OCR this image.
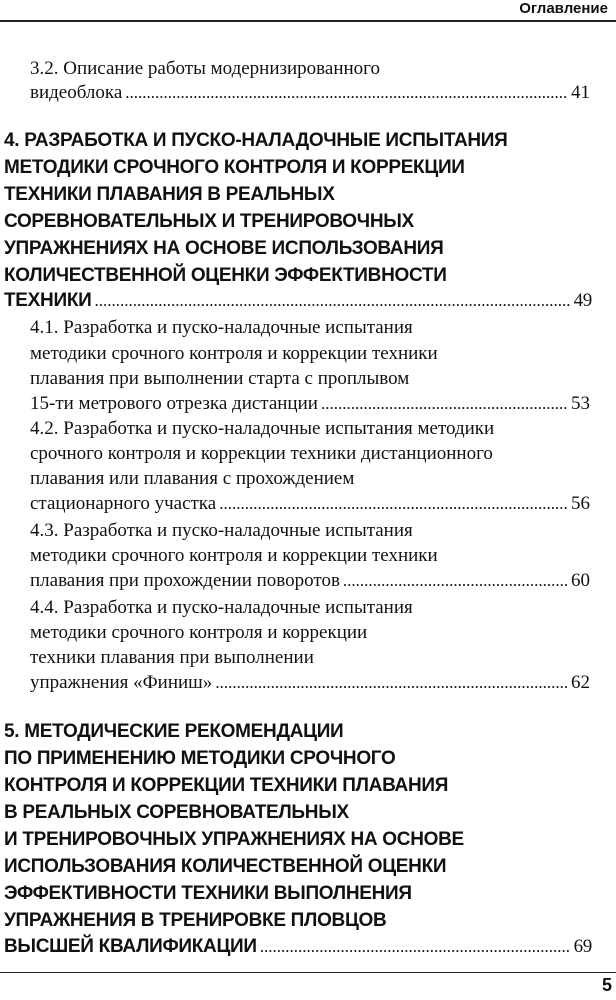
Оглавление
3.2. Описание работы модернизированного
видеоблока .....	41
4. РАЗРАБОТКА И ПУСКО-НАЛАДОЧНЫЕ ИСПЫТАНИЯ
МЕТОДИКИ СРОЧНОГО КОНТРОЛЯ И КОРРЕКЦИИ
ТЕХНИКИ ПЛАВАНИЯ В РЕАЛЬНЫХ
СОРЕВНОВАТЕЛЬНЫХ И ТРЕНИРОВОЧНЫХ
УПРАЖНЕНИЯХ НА ОСНОВЕ ИСПОЛЬЗОВАНИЯ
КОЛИЧЕСТВЕННОЙ ОЦЕНКИ ЭФФЕКТИВНОСТИ
ТЕХНИКИ .....	49
4.1. Разработка и пуско-наладочные испытания
методики срочного контроля и коррекции техники
плавания при выполнении старта с проплывом
15-ти метрового отрезка дистанции .....	53
4.2. Разработка и пуско-наладочные испытания методики
срочного контроля и коррекции техники дистанционного
плавания или плавания с прохождением
стационарного участка .....	56
4.3. Разработка и пуско-наладочные испытания
методики срочного контроля и коррекции техники
плавания при прохождении поворотов .....	60
4.4. Разработка и пуско-наладочные испытания
методики срочного контроля и коррекции
техники плавания при выполнении
упражнения «Финиш» .....	62
5. МЕТОДИЧЕСКИЕ РЕКОМЕНДАЦИИ
ПО ПРИМЕНЕНИЮ МЕТОДИКИ СРОЧНОГО
КОНТРОЛЯ И КОРРЕКЦИИ ТЕХНИКИ ПЛАВАНИЯ
В РЕАЛЬНЫХ СОРЕВНОВАТЕЛЬНЫХ
И ТРЕНИРОВОЧНЫХ УПРАЖНЕНИЯХ НА ОСНОВЕ
ИСПОЛЬЗОВАНИЯ КОЛИЧЕСТВЕННОЙ ОЦЕНКИ
ЭФФЕКТИВНОСТИ ТЕХНИКИ ВЫПОЛНЕНИЯ
УПРАЖНЕНИЯ В ТРЕНИРОВКЕ ПЛОВЦОВ
ВЫСШЕЙ КВАЛИФИКАЦИИ .....	69
5
